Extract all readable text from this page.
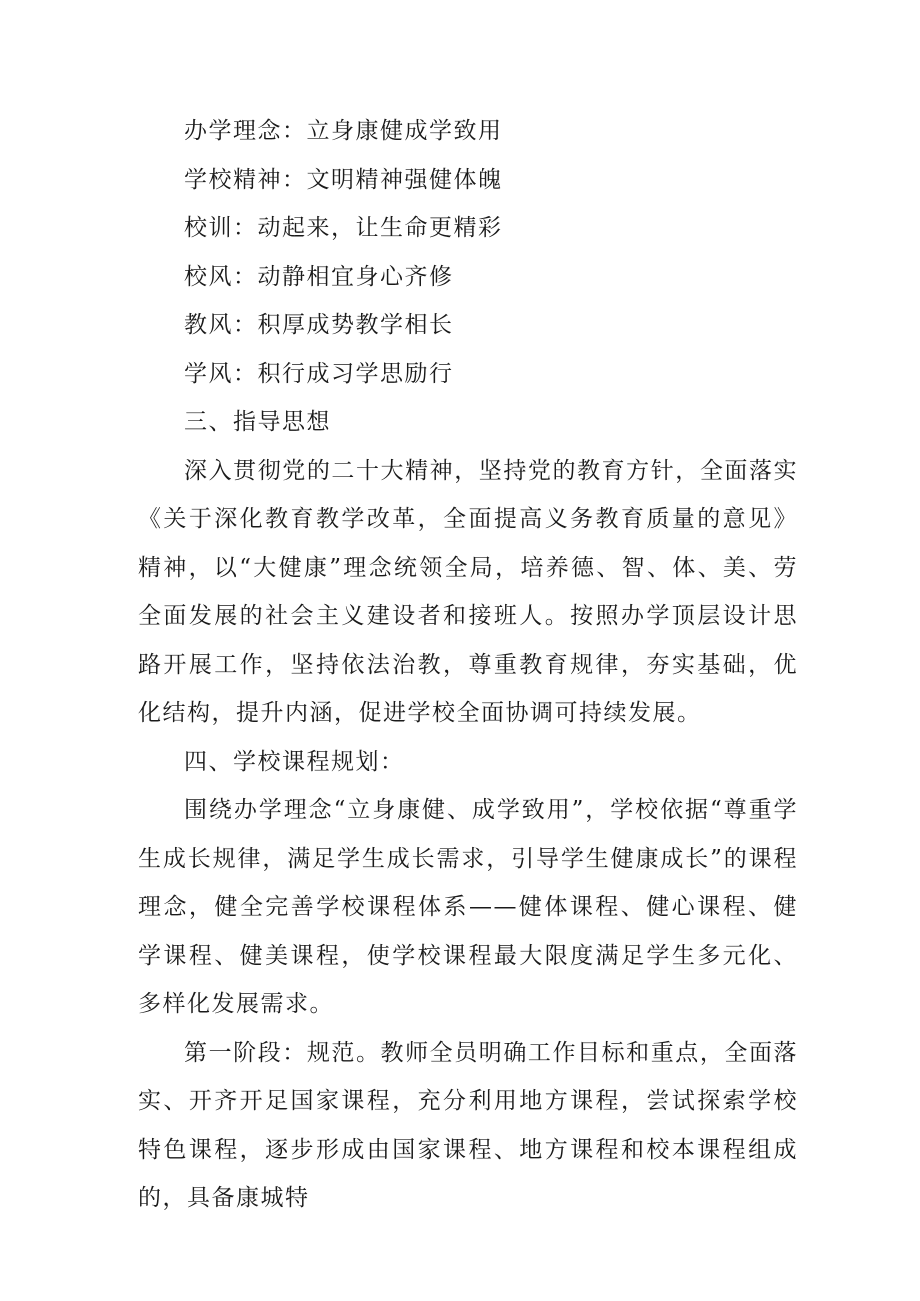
办学理念：立身康健成学致用

学校精神：文明精神强健体魄

校训：动起来，让生命更精彩

校风：动静相宜身心齐修

教风：积厚成势教学相长

学风：积行成习学思励行

三、指导思想

深入贯彻党的二十大精神，坚持党的教育方针，全面落实《关于深化教育教学改革，全面提高义务教育质量的意见》精神，以“大健康”理念统领全局，培养德、智、体、美、劳全面发展的社会主义建设者和接班人。按照办学顶层设计思路开展工作，坚持依法治教，尊重教育规律，夯实基础，优化结构，提升内涵，促进学校全面协调可持续发展。

四、学校课程规划：

围绕办学理念“立身康健、成学致用”，学校依据“尊重学生成长规律，满足学生成长需求，引导学生健康成长”的课程理念，健全完善学校课程体系——健体课程、健心课程、健学课程、健美课程，使学校课程最大限度满足学生多元化、多样化发展需求。

第一阶段：规范。教师全员明确工作目标和重点，全面落实、开齐开足国家课程，充分利用地方课程，尝试探索学校特色课程，逐步形成由国家课程、地方课程和校本课程组成的，具备康城特
